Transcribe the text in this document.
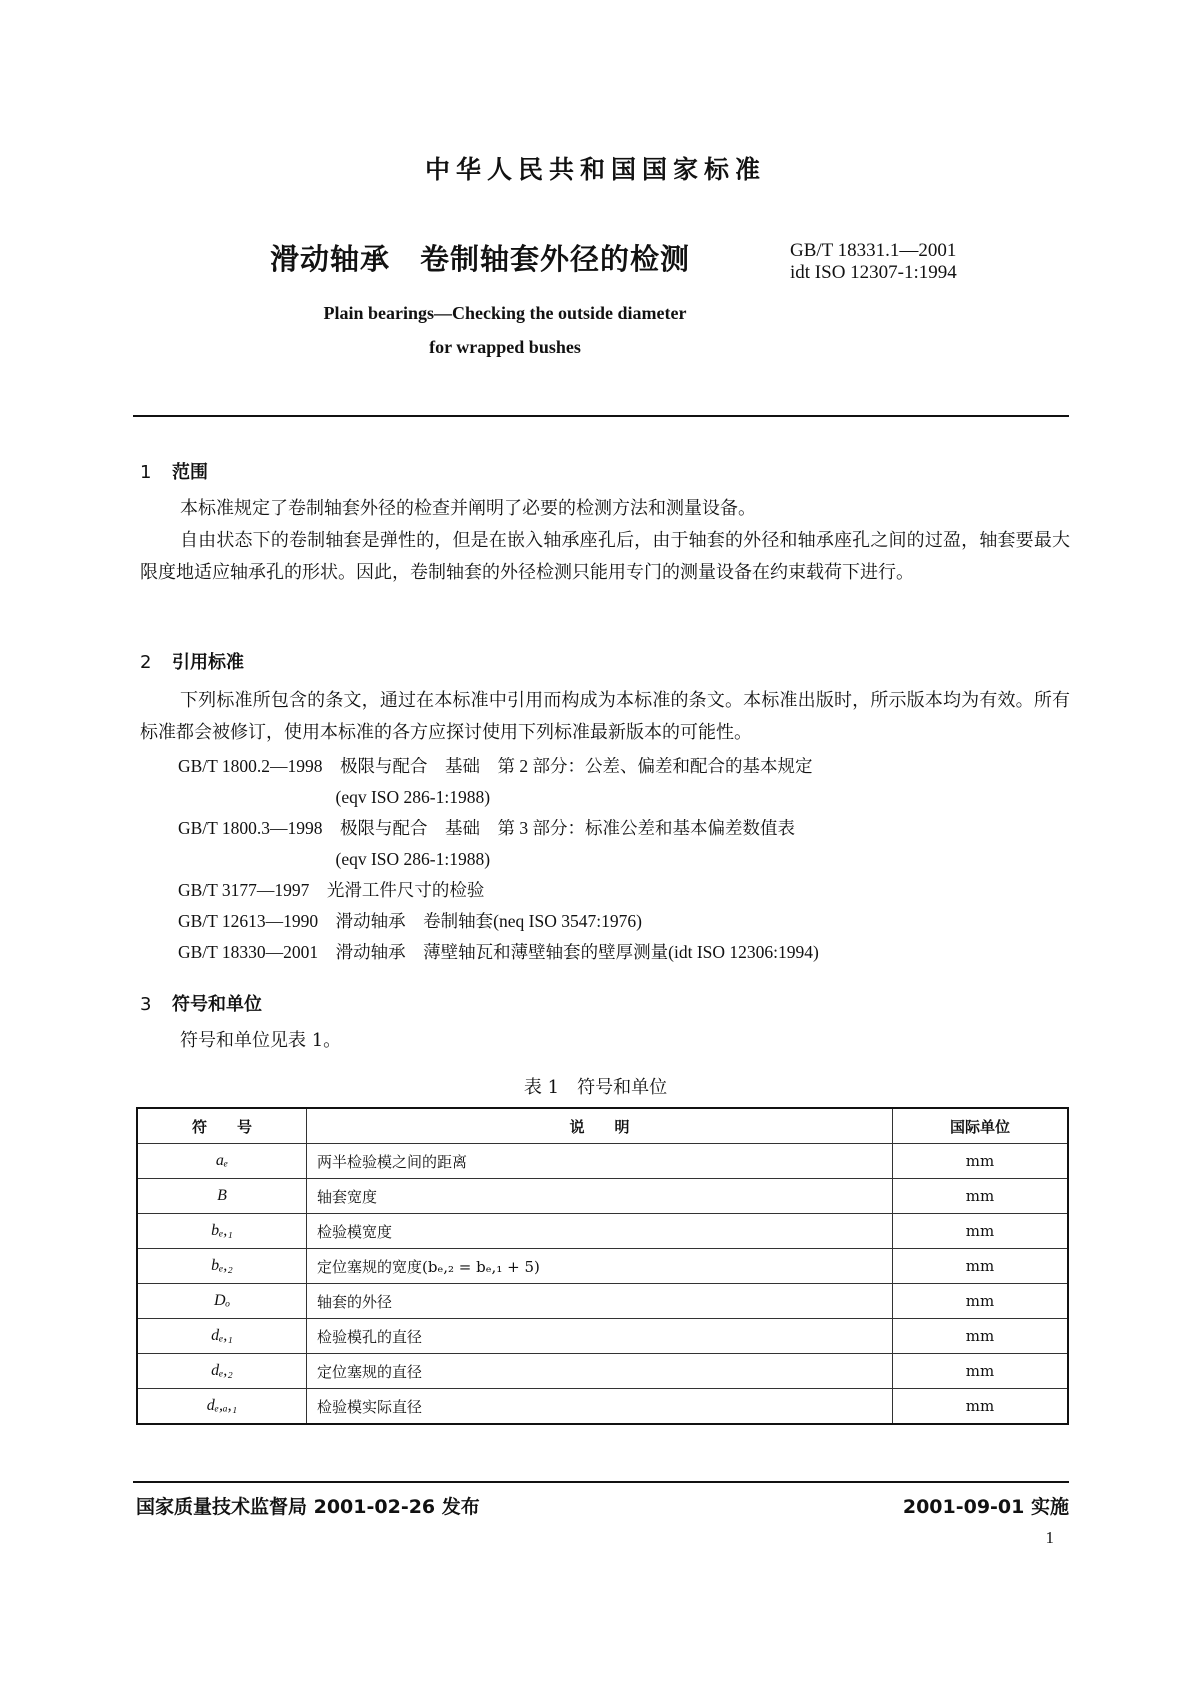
中华人民共和国国家标准
滑动轴承　卷制轴套外径的检测	GB/T 18331.1—2001
idt ISO 12307-1:1994
Plain bearings—Checking the outside diameter
for wrapped bushes
1 范围

本标准规定了卷制轴套外径的检查并阐明了必要的检测方法和测量设备。

自由状态下的卷制轴套是弹性的，但是在嵌入轴承座孔后，由于轴套的外径和轴承座孔之间的过盈，轴套要最大限度地适应轴承孔的形状。因此，卷制轴套的外径检测只能用专门的测量设备在约束载荷下进行。

2 引用标准

下列标准所包含的条文，通过在本标准中引用而构成为本标准的条文。本标准出版时，所示版本均为有效。所有标准都会被修订，使用本标准的各方应探讨使用下列标准最新版本的可能性。

GB/T 1800.2—1998　极限与配合　基础　第 2 部分：公差、偏差和配合的基本规定
　　　　　　　　　(eqv ISO 286-1:1988)
GB/T 1800.3—1998　极限与配合　基础　第 3 部分：标准公差和基本偏差数值表
　　　　　　　　　(eqv ISO 286-1:1988)
GB/T 3177—1997　光滑工件尺寸的检验
GB/T 12613—1990　滑动轴承　卷制轴套(neq ISO 3547:1976)
GB/T 18330—2001　滑动轴承　薄壁轴瓦和薄壁轴套的壁厚测量(idt ISO 12306:1994)
3 符号和单位

符号和单位见表 1。

表 1　符号和单位
符　　号	说　　明	国际单位
aₑ	两半检验模之间的距离	mm
B	轴套宽度	mm
bₑ,₁	检验模宽度	mm
bₑ,₂	定位塞规的宽度(bₑ,₂ = bₑ,₁ + 5)	mm
Dₒ	轴套的外径	mm
dₑ,₁	检验模孔的直径	mm
dₑ,₂	定位塞规的直径	mm
dₑ,ₐ,₁	检验模实际直径	mm
国家质量技术监督局 2001-02-26 发布	2001-09-01 实施
1
